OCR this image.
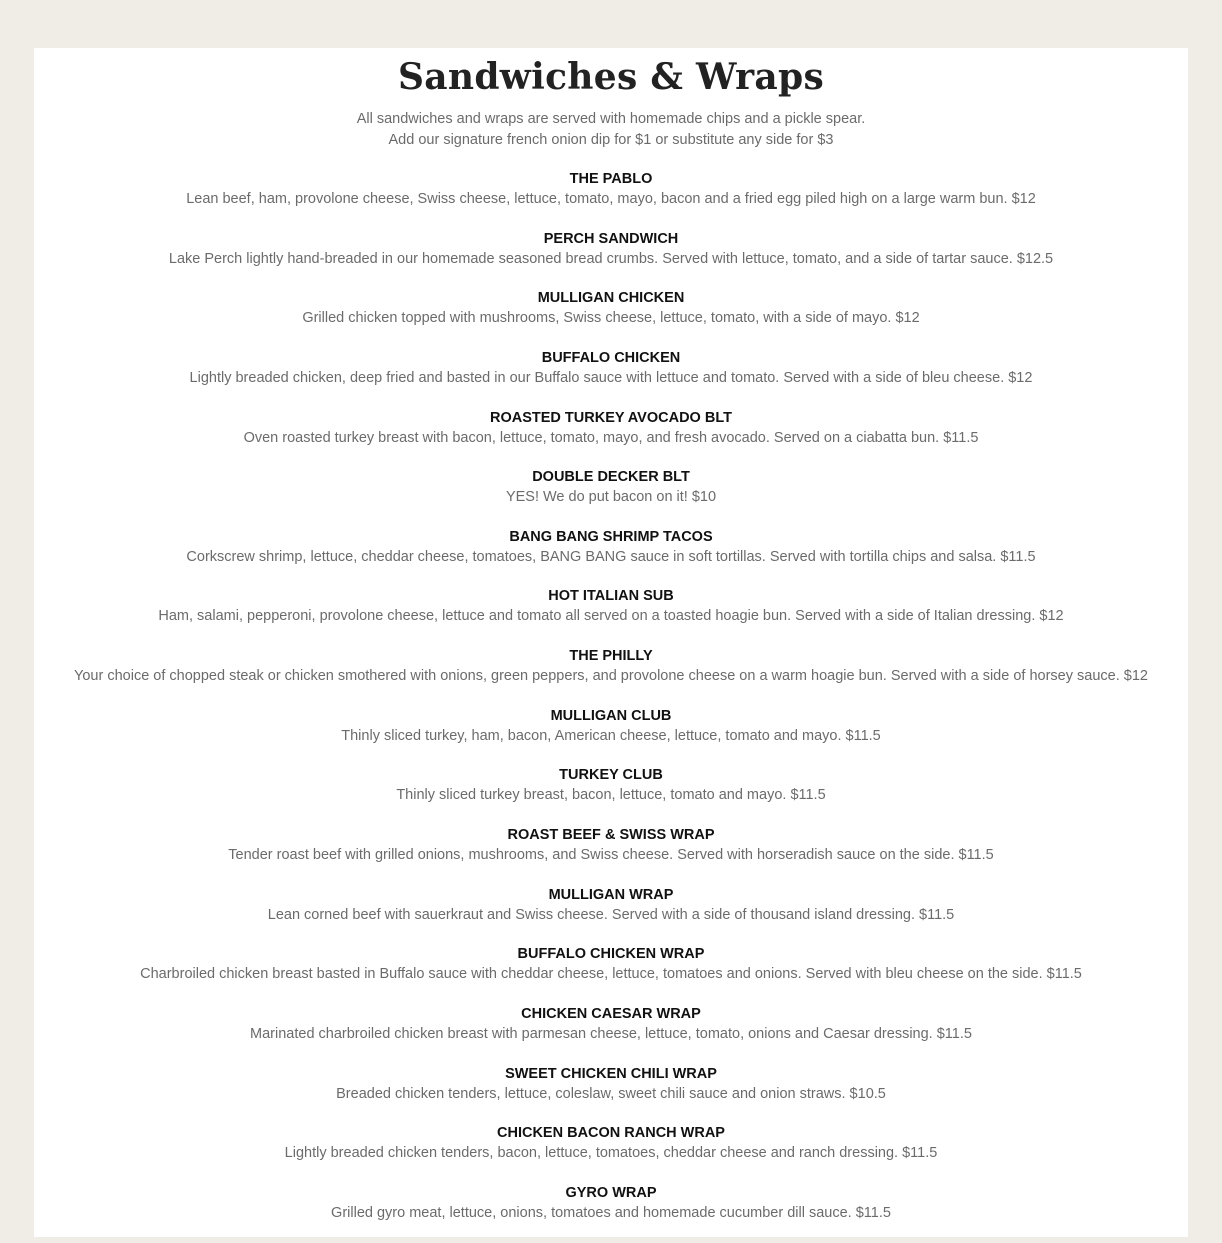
Sandwiches & Wraps
All sandwiches and wraps are served with homemade chips and a pickle spear.
Add our signature french onion dip for $1 or substitute any side for $3
THE PABLO
Lean beef, ham, provolone cheese, Swiss cheese, lettuce, tomato, mayo, bacon and a fried egg piled high on a large warm bun. $12
PERCH SANDWICH
Lake Perch lightly hand-breaded in our homemade seasoned bread crumbs. Served with lettuce, tomato, and a side of tartar sauce. $12.5
MULLIGAN CHICKEN
Grilled chicken topped with mushrooms, Swiss cheese, lettuce, tomato, with a side of mayo. $12
BUFFALO CHICKEN
Lightly breaded chicken, deep fried and basted in our Buffalo sauce with lettuce and tomato. Served with a side of bleu cheese. $12
ROASTED TURKEY AVOCADO BLT
Oven roasted turkey breast with bacon, lettuce, tomato, mayo, and fresh avocado. Served on a ciabatta bun. $11.5
DOUBLE DECKER BLT
YES! We do put bacon on it! $10
BANG BANG SHRIMP TACOS
Corkscrew shrimp, lettuce, cheddar cheese, tomatoes, BANG BANG sauce in soft tortillas. Served with tortilla chips and salsa. $11.5
HOT ITALIAN SUB
Ham, salami, pepperoni, provolone cheese, lettuce and tomato all served on a toasted hoagie bun. Served with a side of Italian dressing. $12
THE PHILLY
Your choice of chopped steak or chicken smothered with onions, green peppers, and provolone cheese on a warm hoagie bun. Served with a side of horsey sauce. $12
MULLIGAN CLUB
Thinly sliced turkey, ham, bacon, American cheese, lettuce, tomato and mayo. $11.5
TURKEY CLUB
Thinly sliced turkey breast, bacon, lettuce, tomato and mayo. $11.5
ROAST BEEF & SWISS WRAP
Tender roast beef with grilled onions, mushrooms, and Swiss cheese. Served with horseradish sauce on the side. $11.5
MULLIGAN WRAP
Lean corned beef with sauerkraut and Swiss cheese. Served with a side of thousand island dressing. $11.5
BUFFALO CHICKEN WRAP
Charbroiled chicken breast basted in Buffalo sauce with cheddar cheese, lettuce, tomatoes and onions. Served with bleu cheese on the side. $11.5
CHICKEN CAESAR WRAP
Marinated charbroiled chicken breast with parmesan cheese, lettuce, tomato, onions and Caesar dressing. $11.5
SWEET CHICKEN CHILI WRAP
Breaded chicken tenders, lettuce, coleslaw, sweet chili sauce and onion straws. $10.5
CHICKEN BACON RANCH WRAP
Lightly breaded chicken tenders, bacon, lettuce, tomatoes, cheddar cheese and ranch dressing. $11.5
GYRO WRAP
Grilled gyro meat, lettuce, onions, tomatoes and homemade cucumber dill sauce. $11.5
